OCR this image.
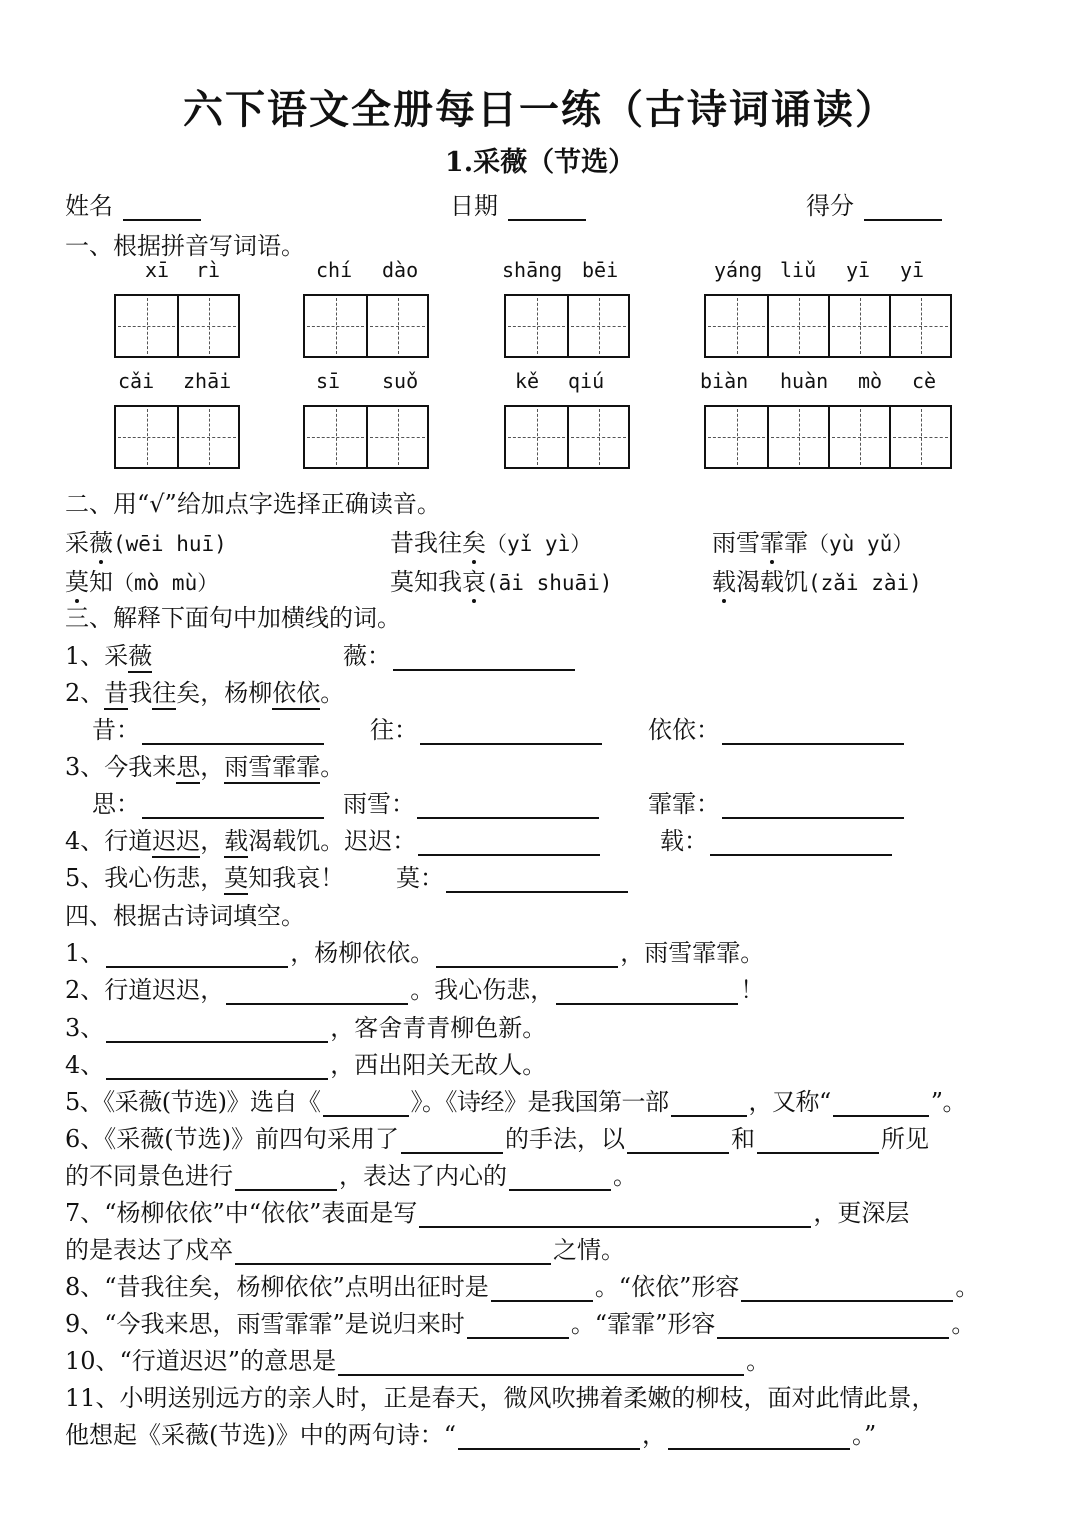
六下语文全册每日一练（古诗词诵读）
1.采薇（节选）
姓名	日期	得分
一、根据拼音写词语。
xī rì	chí dào	shāng bēi	yáng liǔ yī yī
cǎi zhāi	sī suǒ	kě qiú	biàn huàn mò cè
二、用“√”给加点字选择正确读音。
采薇(wēi huī)	昔我往矣（yǐ yì）	雨雪霏霏（yù yǔ）
莫知（mò mù）	莫知我哀(āi shuāi)	载渴载饥(zǎi zài)
三、解释下面句中加横线的词。
1、采薇	薇：
2、昔我往矣，杨柳依依。
昔：	往：	依依：
3、今我来思，雨雪霏霏。
思：	雨雪：	霏霏：
4、行道迟迟，载渴载饥。迟迟：	载：
5、我心伤悲，莫知我哀！ 莫：
四、根据古诗词填空。
1、	，杨柳依依。	，雨雪霏霏。
2、行道迟迟，	。我心伤悲，	！
3、	，客舍青青柳色新。
4、	，西出阳关无故人。
5、《采薇(节选)》选自《	》。《诗经》是我国第一部	，又称“	”。
6、《采薇(节选)》前四句采用了	的手法，以	和	所见
的不同景色进行	，表达了内心的	。
7、“杨柳依依”中“依依”表面是写	，更深层
的是表达了戍卒	之情。
8、“昔我往矣，杨柳依依”点明出征时是	。“依依”形容	。
9、“今我来思，雨雪霏霏”是说归来时	。“霏霏”形容	。
10、“行道迟迟”的意思是	。
11、小明送别远方的亲人时，正是春天，微风吹拂着柔嫩的柳枝，面对此情此景，
他想起《采薇(节选)》中的两句诗：“	，	。”
